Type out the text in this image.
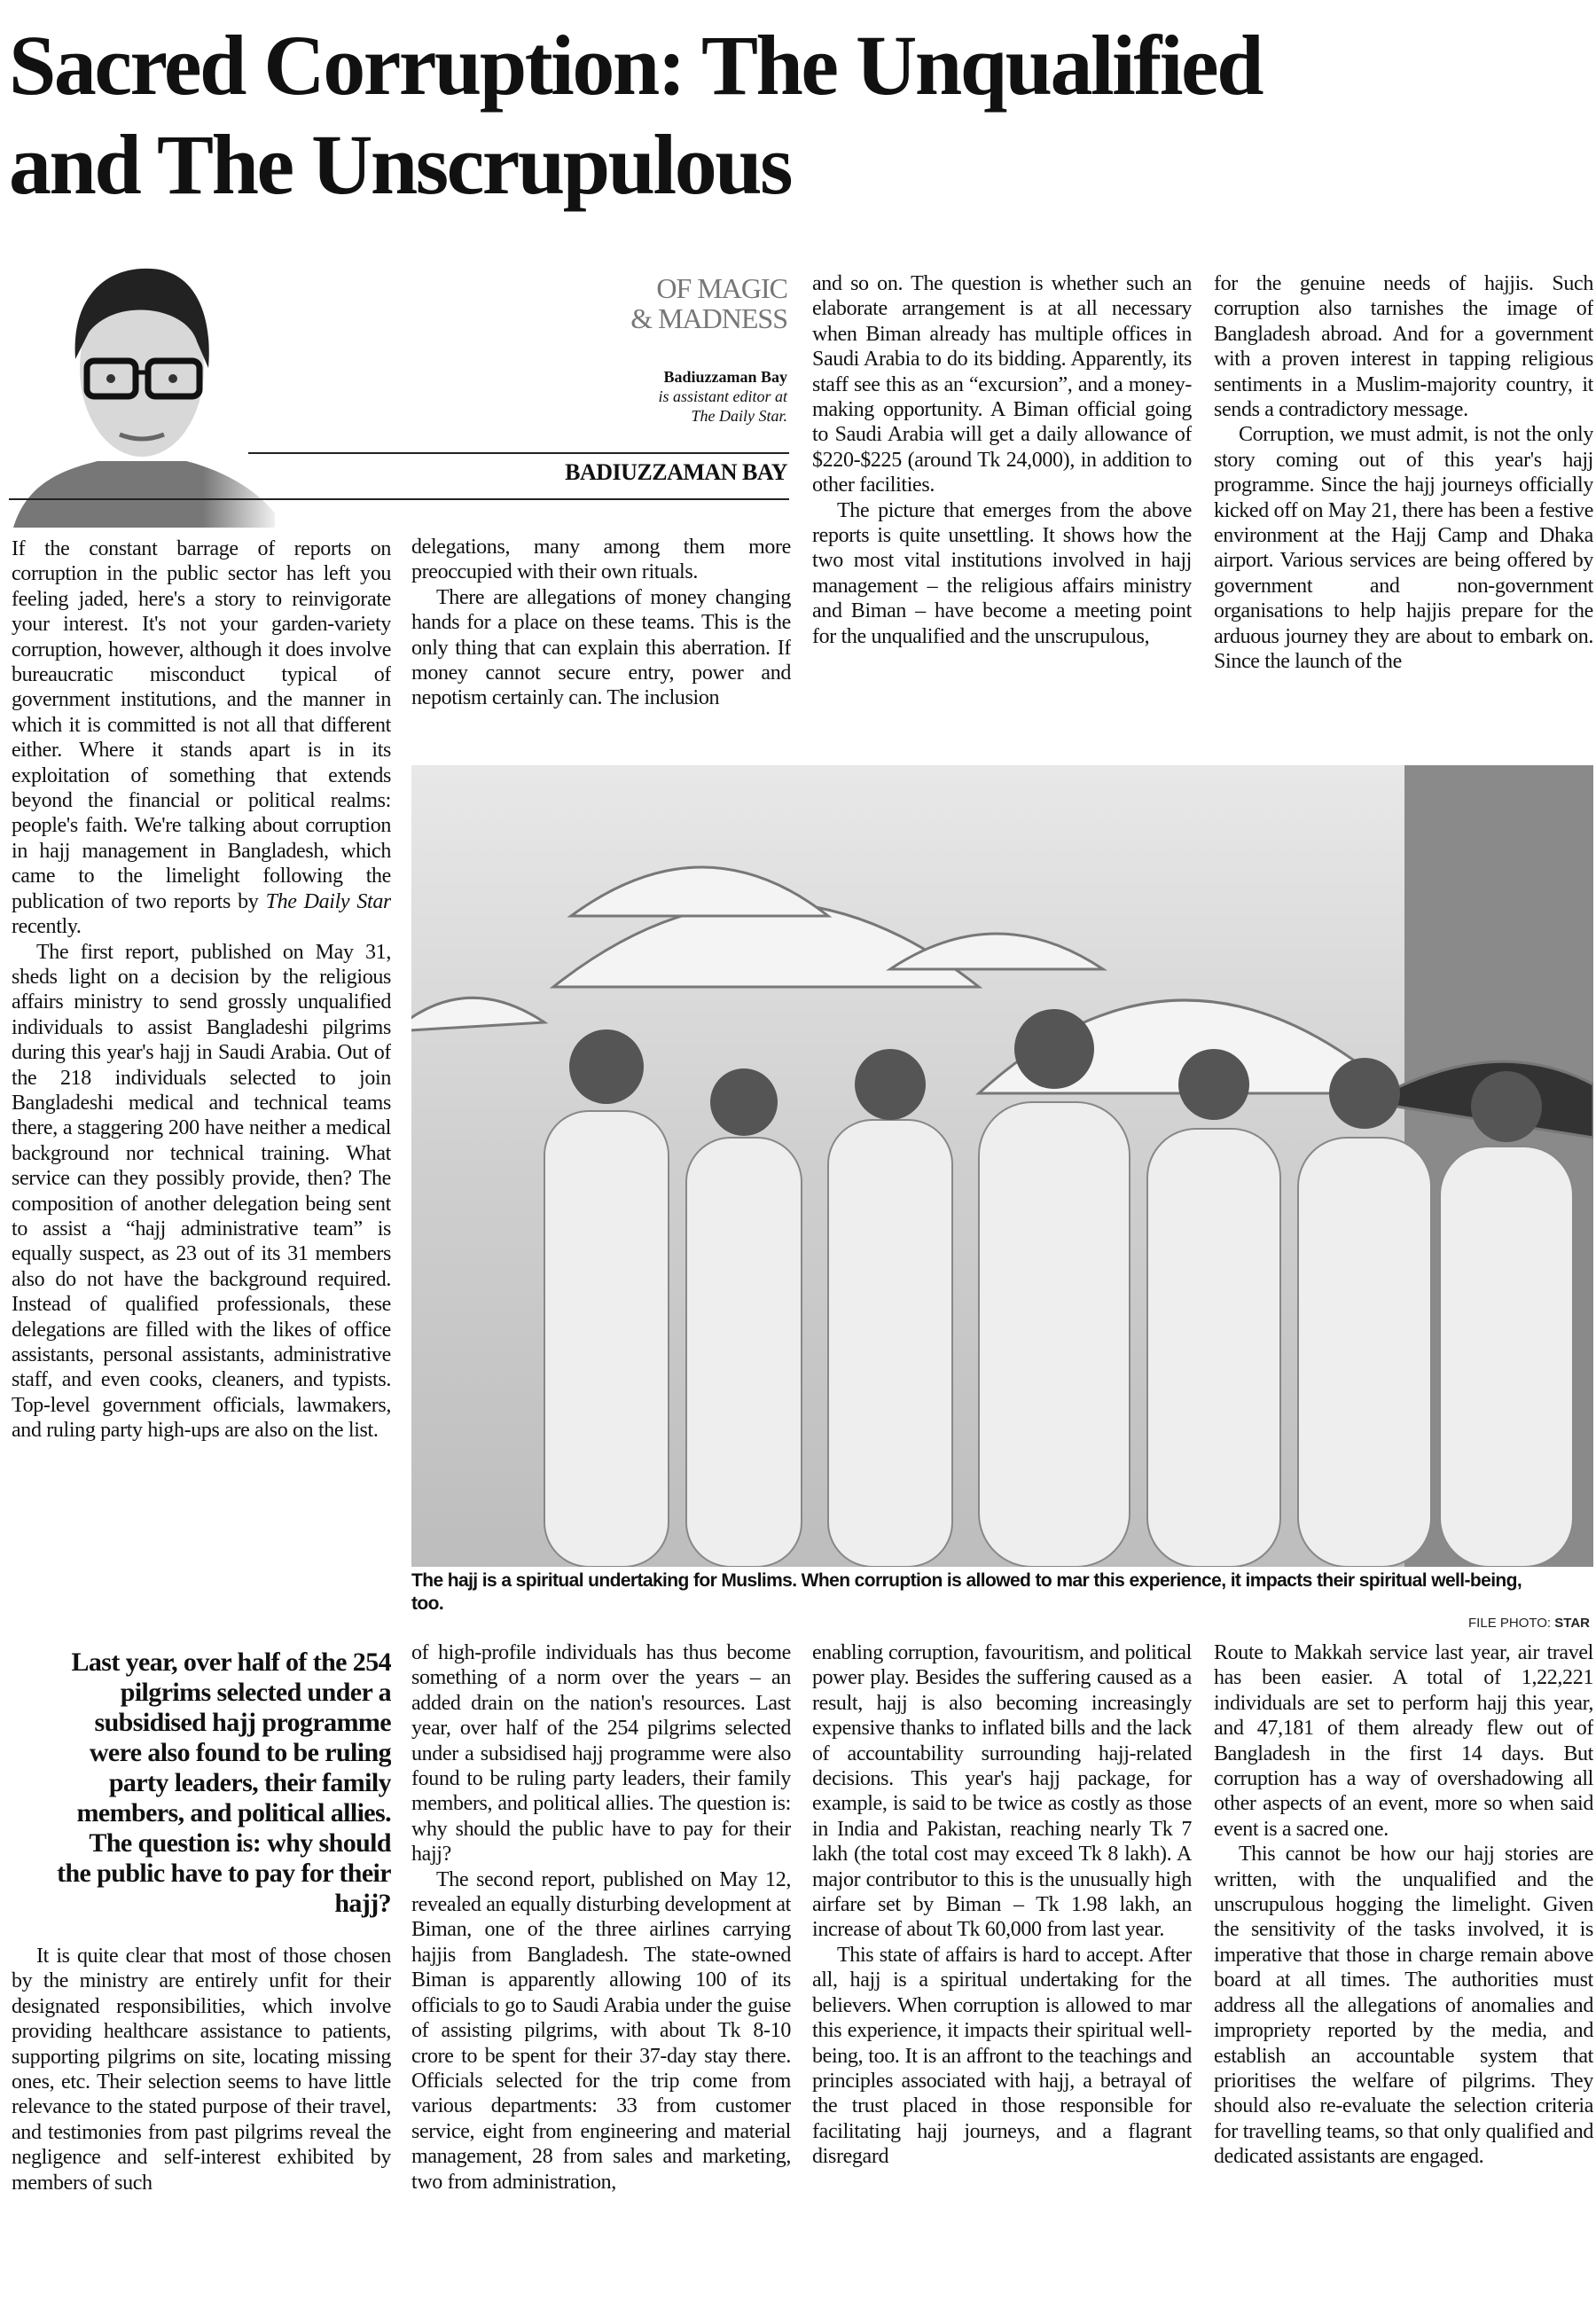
Sacred Corruption: The Unqualified
and The Unscrupulous
OF MAGIC
& MADNESS
Badiuzzaman Bay
is assistant editor at
The Daily Star.
BADIUZZAMAN BAY

If the constant barrage of reports on corruption in the public sector has left you feeling jaded, here's a story to reinvigorate your interest. It's not your garden-variety corruption, however, although it does involve bureaucratic misconduct typical of government institutions, and the manner in which it is committed is not all that different either. Where it stands apart is in its exploitation of something that extends beyond the financial or political realms: people's faith. We're talking about corruption in hajj management in Bangladesh, which came to the limelight following the publication of two reports by The Daily Star recently.

The first report, published on May 31, sheds light on a decision by the religious affairs ministry to send grossly unqualified individuals to assist Bangladeshi pilgrims during this year's hajj in Saudi Arabia. Out of the 218 individuals selected to join Bangladeshi medical and technical teams there, a staggering 200 have neither a medical background nor technical training. What service can they possibly provide, then? The composition of another delegation being sent to assist a “hajj administrative team” is equally suspect, as 23 out of its 31 members also do not have the background required. Instead of qualified professionals, these delegations are filled with the likes of office assistants, personal assistants, administrative staff, and even cooks, cleaners, and typists. Top-level government officials, lawmakers, and ruling party high-ups are also on the list.

delegations, many among them more preoccupied with their own rituals.

There are allegations of money changing hands for a place on these teams. This is the only thing that can explain this aberration. If money cannot secure entry, power and nepotism certainly can. The inclusion

and so on. The question is whether such an elaborate arrangement is at all necessary when Biman already has multiple offices in Saudi Arabia to do its bidding. Apparently, its staff see this as an “excursion”, and a money-making opportunity. A Biman official going to Saudi Arabia will get a daily allowance of $220-$225 (around Tk 24,000), in addition to other facilities.

The picture that emerges from the above reports is quite unsettling. It shows how the two most vital institutions involved in hajj management – the religious affairs ministry and Biman – have become a meeting point for the unqualified and the unscrupulous,

for the genuine needs of hajjis. Such corruption also tarnishes the image of Bangladesh abroad. And for a government with a proven interest in tapping religious sentiments in a Muslim-majority country, it sends a contradictory message.

Corruption, we must admit, is not the only story coming out of this year's hajj programme. Since the hajj journeys officially kicked off on May 21, there has been a festive environment at the Hajj Camp and Dhaka airport. Various services are being offered by government and non-government organisations to help hajjis prepare for the arduous journey they are about to embark on. Since the launch of the

The hajj is a spiritual undertaking for Muslims. When corruption is allowed to mar this experience, it impacts their spiritual well-being, too.
FILE PHOTO: STAR
Last year, over half of the 254 pilgrims selected under a subsidised hajj programme were also found to be ruling party leaders, their family members, and political allies. The question is: why should the public have to pay for their hajj?

It is quite clear that most of those chosen by the ministry are entirely unfit for their designated responsibilities, which involve providing healthcare assistance to patients, supporting pilgrims on site, locating missing ones, etc. Their selection seems to have little relevance to the stated purpose of their travel, and testimonies from past pilgrims reveal the negligence and self-interest exhibited by members of such

of high-profile individuals has thus become something of a norm over the years – an added drain on the nation's resources. Last year, over half of the 254 pilgrims selected under a subsidised hajj programme were also found to be ruling party leaders, their family members, and political allies. The question is: why should the public have to pay for their hajj?

The second report, published on May 12, revealed an equally disturbing development at Biman, one of the three airlines carrying hajjis from Bangladesh. The state-owned Biman is apparently allowing 100 of its officials to go to Saudi Arabia under the guise of assisting pilgrims, with about Tk 8-10 crore to be spent for their 37-day stay there. Officials selected for the trip come from various departments: 33 from customer service, eight from engineering and material management, 28 from sales and marketing, two from administration,

enabling corruption, favouritism, and political power play. Besides the suffering caused as a result, hajj is also becoming increasingly expensive thanks to inflated bills and the lack of accountability surrounding hajj-related decisions. This year's hajj package, for example, is said to be twice as costly as those in India and Pakistan, reaching nearly Tk 7 lakh (the total cost may exceed Tk 8 lakh). A major contributor to this is the unusually high airfare set by Biman – Tk 1.98 lakh, an increase of about Tk 60,000 from last year.

This state of affairs is hard to accept. After all, hajj is a spiritual undertaking for the believers. When corruption is allowed to mar this experience, it impacts their spiritual well-being, too. It is an affront to the teachings and principles associated with hajj, a betrayal of the trust placed in those responsible for facilitating hajj journeys, and a flagrant disregard

Route to Makkah service last year, air travel has been easier. A total of 1,22,221 individuals are set to perform hajj this year, and 47,181 of them already flew out of Bangladesh in the first 14 days. But corruption has a way of overshadowing all other aspects of an event, more so when said event is a sacred one.

This cannot be how our hajj stories are written, with the unqualified and the unscrupulous hogging the limelight. Given the sensitivity of the tasks involved, it is imperative that those in charge remain above board at all times. The authorities must address all the allegations of anomalies and impropriety reported by the media, and establish an accountable system that prioritises the welfare of pilgrims. They should also re-evaluate the selection criteria for travelling teams, so that only qualified and dedicated assistants are engaged.
